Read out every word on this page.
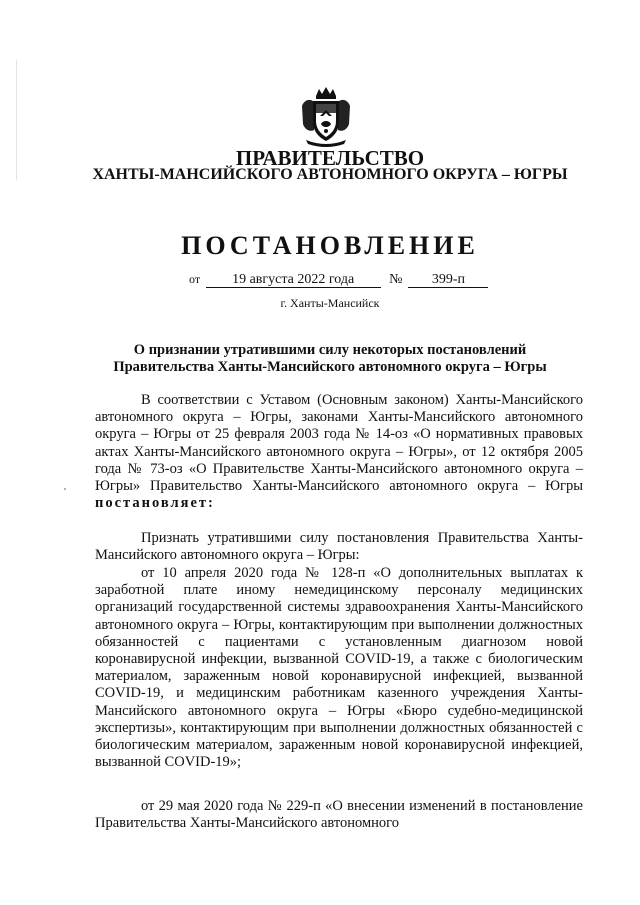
ПРАВИТЕЛЬСТВО
ХАНТЫ-МАНСИЙСКОГО АВТОНОМНОГО ОКРУГА – ЮГРЫ
ПОСТАНОВЛЕНИЕ
от 19 августа 2022 года № 399-п
г. Ханты-Мансийск
О признании утратившими силу некоторых постановлений
Правительства Ханты-Мансийского автономного округа – Югры

В соответствии с Уставом (Основным законом) Ханты-Мансийского автономного округа – Югры, законами Ханты-Мансийского автономного округа – Югры от 25 февраля 2003 года № 14-оз «О нормативных правовых актах Ханты-Мансийского автономного округа – Югры», от 12 октября 2005 года № 73-оз «О Правительстве Ханты-Мансийского автономного округа – Югры» Правительство Ханты-Мансийского автономного округа – Югры постановляет:

Признать утратившими силу постановления Правительства Ханты-Мансийского автономного округа – Югры:

от 10 апреля 2020 года № 128-п «О дополнительных выплатах к заработной плате иному немедицинскому персоналу медицинских организаций государственной системы здравоохранения Ханты-Мансийского автономного округа – Югры, контактирующим при выполнении должностных обязанностей с пациентами с установленным диагнозом новой коронавирусной инфекции, вызванной COVID-19, а также с биологическим материалом, зараженным новой коронавирусной инфекцией, вызванной COVID-19, и медицинским работникам казенного учреждения Ханты-Мансийского автономного округа – Югры «Бюро судебно-медицинской экспертизы», контактирующим при выполнении должностных обязанностей с биологическим материалом, зараженным новой коронавирусной инфекцией, вызванной COVID-19»;

от 29 мая 2020 года № 229-п «О внесении изменений в постановление Правительства Ханты-Мансийского автономного
